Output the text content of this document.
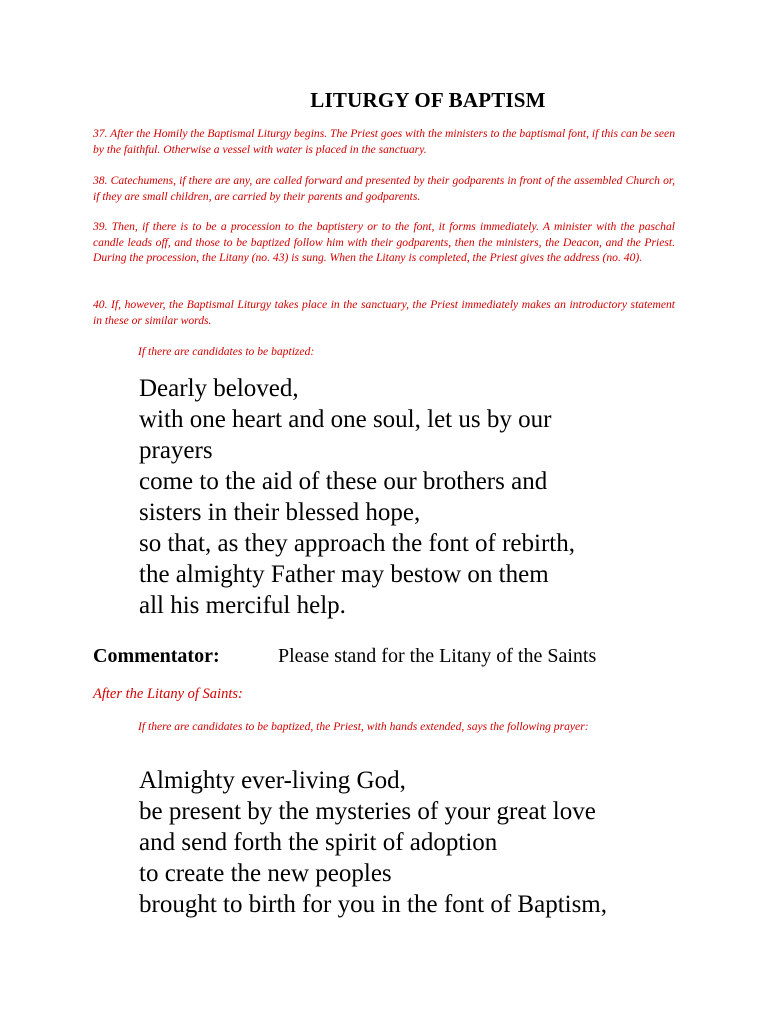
LITURGY OF BAPTISM

37. After the Homily the Baptismal Liturgy begins. The Priest goes with the ministers to the baptismal font, if this can be seen by the faithful. Otherwise a vessel with water is placed in the sanctuary.

38. Catechumens, if there are any, are called forward and presented by their godparents in front of the assembled Church or, if they are small children, are carried by their parents and godparents.

39. Then, if there is to be a procession to the baptistery or to the font, it forms immediately. A minister with the paschal candle leads off, and those to be baptized follow him with their godparents, then the ministers, the Deacon, and the Priest. During the procession, the Litany (no. 43) is sung. When the Litany is completed, the Priest gives the address (no. 40).

40. If, however, the Baptismal Liturgy takes place in the sanctuary, the Priest immediately makes an introductory statement in these or similar words.

If there are candidates to be baptized:

Dearly beloved,
with one heart and one soul, let us by our
prayers
come to the aid of these our brothers and
sisters in their blessed hope,
so that, as they approach the font of rebirth,
the almighty Father may bestow on them
all his merciful help.
Commentator:	Please stand for the Litany of the Saints

After the Litany of Saints:

If there are candidates to be baptized, the Priest, with hands extended, says the following prayer:

Almighty ever-living God,
be present by the mysteries of your great love
and send forth the spirit of adoption
to create the new peoples
brought to birth for you in the font of Baptism,
